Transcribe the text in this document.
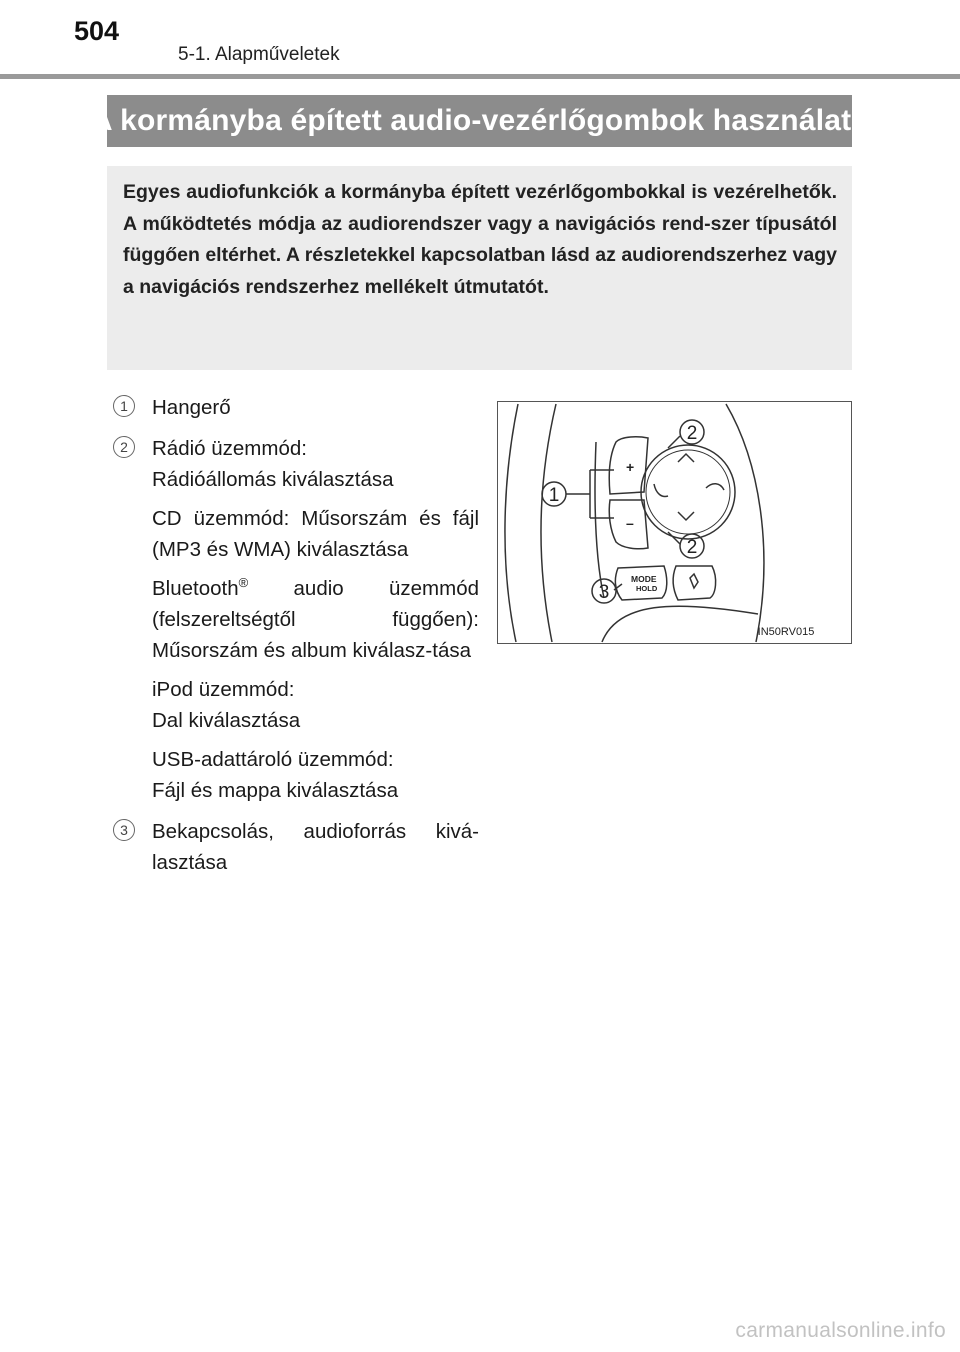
504
5-1. Alapműveletek
A kormányba épített audio-vezérlőgombok használata

Egyes audiofunkciók a kormányba épített vezérlőgombokkal is vezérelhetők. A működtetés módja az audiorendszer vagy a navigációs rend-szer típusától függően eltérhet. A részletekkel kapcsolatban lásd az audiorendszerhez vagy a navigációs rendszerhez mellékelt útmutatót.

1	Hangerő

2	Rádió üzemmód:
Rádióállomás kiválasztása

CD üzemmód: Műsorszám és fájl (MP3 és WMA) kiválasztása

Bluetooth® audio üzemmód (felszereltségtől függően): Műsorszám és album kiválasz-tása

iPod üzemmód:
Dal kiválasztása

USB-adattároló üzemmód:
Fájl és mappa kiválasztása

3	Bekapcsolás, audioforrás kivá-lasztása

1
2
2
3
+
–
MODE
HOLD
IN50RV015
carmanualsonline.info
